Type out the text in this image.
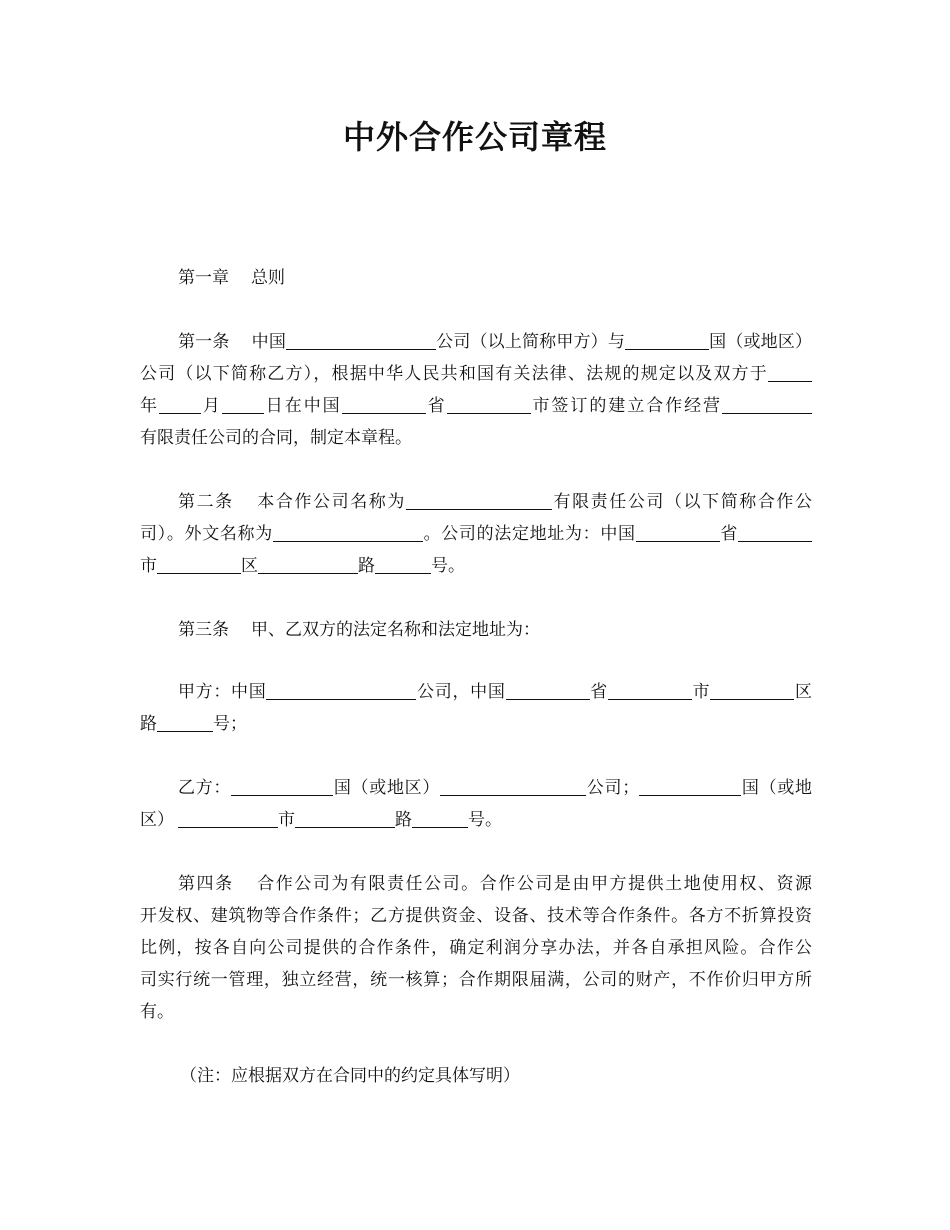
中外合作公司章程
第一章 总则
第一条 中国	公司（以上简称甲方）与	国（或地区）
公司（以下简称乙方），根据中华人民共和国有关法律、法规的规定以及双方于
年 月 日在中国	省	市签订的建立合作经营
有限责任公司的合同，制定本章程。
第二条 本合作公司名称为	有限责任公司（以下简称合作公
司）。外文名称为	。公司的法定地址为：中国	省
市	区	路	号。
第三条 甲、乙双方的法定名称和法定地址为：
甲方：中国	公司，中国	省	市	区
路	号；
乙方：	国（或地区）	公司；	国（或地
区）	市	路	号。
第四条 合作公司为有限责任公司。合作公司是由甲方提供土地使用权、资源
开发权、建筑物等合作条件；乙方提供资金、设备、技术等合作条件。各方不折算投资
比例，按各自向公司提供的合作条件，确定利润分享办法，并各自承担风险。合作公
司实行统一管理，独立经营，统一核算；合作期限届满，公司的财产，不作价归甲方所
有。
（注：应根据双方在合同中的约定具体写明）
